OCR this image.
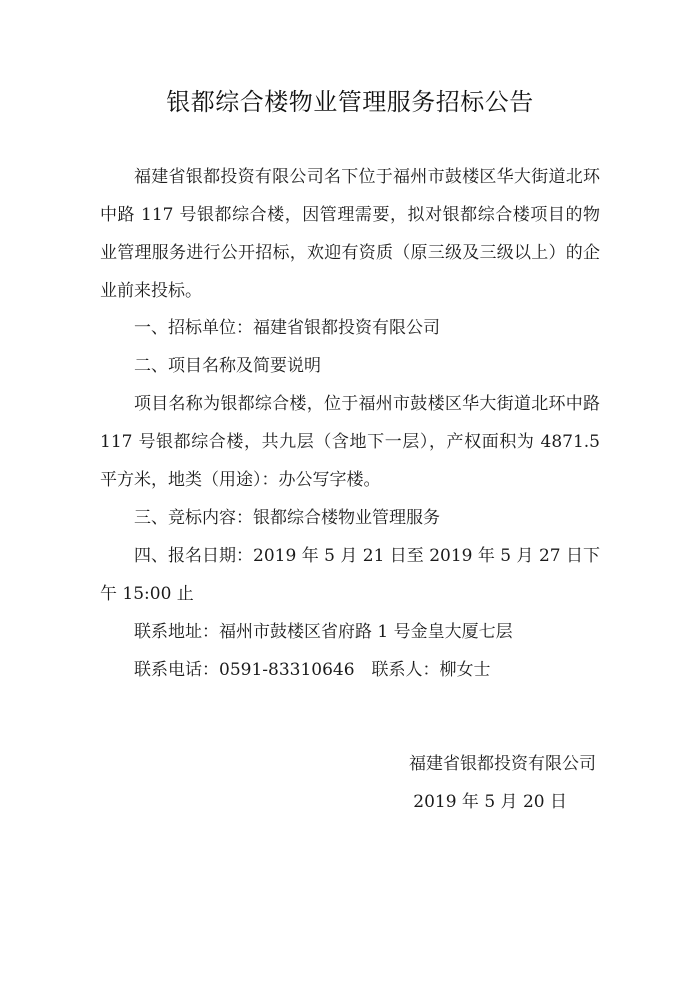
银都综合楼物业管理服务招标公告

福建省银都投资有限公司名下位于福州市鼓楼区华大街道北环中路 117 号银都综合楼，因管理需要，拟对银都综合楼项目的物业管理服务进行公开招标，欢迎有资质（原三级及三级以上）的企业前来投标。

一、招标单位：福建省银都投资有限公司

二、项目名称及简要说明

项目名称为银都综合楼，位于福州市鼓楼区华大街道北环中路 117 号银都综合楼，共九层（含地下一层），产权面积为 4871.5 平方米，地类（用途）：办公写字楼。

三、竞标内容：银都综合楼物业管理服务

四、报名日期：2019 年 5 月 21 日至 2019 年 5 月 27 日下午 15:00 止

联系地址：福州市鼓楼区省府路 1 号金皇大厦七层

联系电话：0591-83310646　联系人：柳女士

福建省银都投资有限公司
2019 年 5 月 20 日
